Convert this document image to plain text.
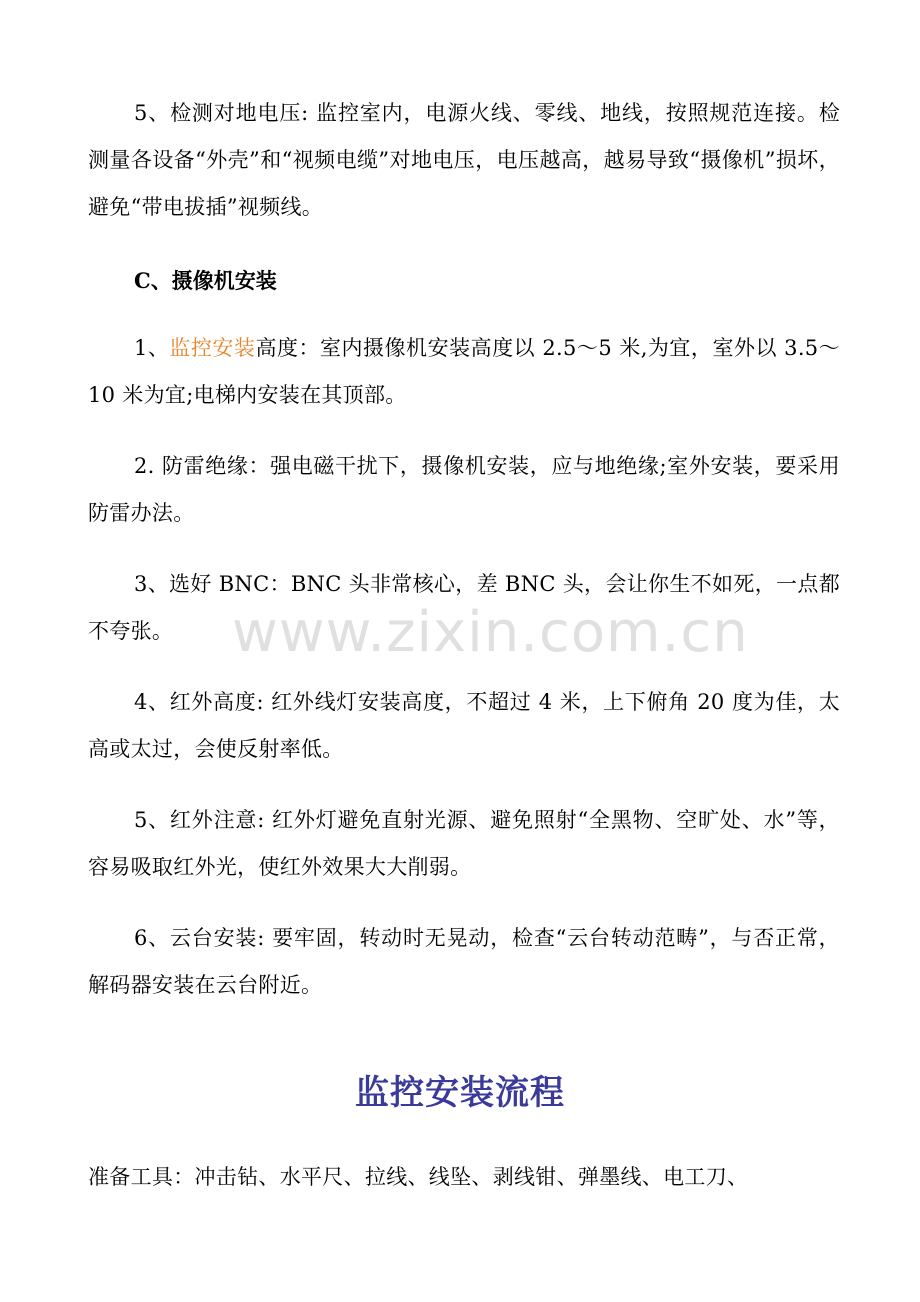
5、检测对地电压: 监控室内，电源火线、零线、地线，按照规范连接。检测量各设备“外壳”和“视频电缆”对地电压，电压越高，越易导致“摄像机”损坏，避免“带电拔插”视频线。

C、摄像机安装

1、监控安装高度：室内摄像机安装高度以 2.5～5 米,为宜，室外以 3.5～10 米为宜;电梯内安装在其顶部。

2. 防雷绝缘：强电磁干扰下，摄像机安装，应与地绝缘;室外安装，要采用防雷办法。

3、选好 BNC：BNC 头非常核心，差 BNC 头，会让你生不如死，一点都不夸张。

4、红外高度: 红外线灯安装高度，不超过 4 米，上下俯角 20 度为佳，太高或太过，会使反射率低。

5、红外注意: 红外灯避免直射光源、避免照射“全黑物、空旷处、水”等，容易吸取红外光，使红外效果大大削弱。

6、云台安装: 要牢固，转动时无晃动，检查“云台转动范畴”，与否正常，解码器安装在云台附近。

监控安装流程

准备工具：冲击钻、水平尺、拉线、线坠、剥线钳、弹墨线、电工刀、

www.zixin.com.cn
